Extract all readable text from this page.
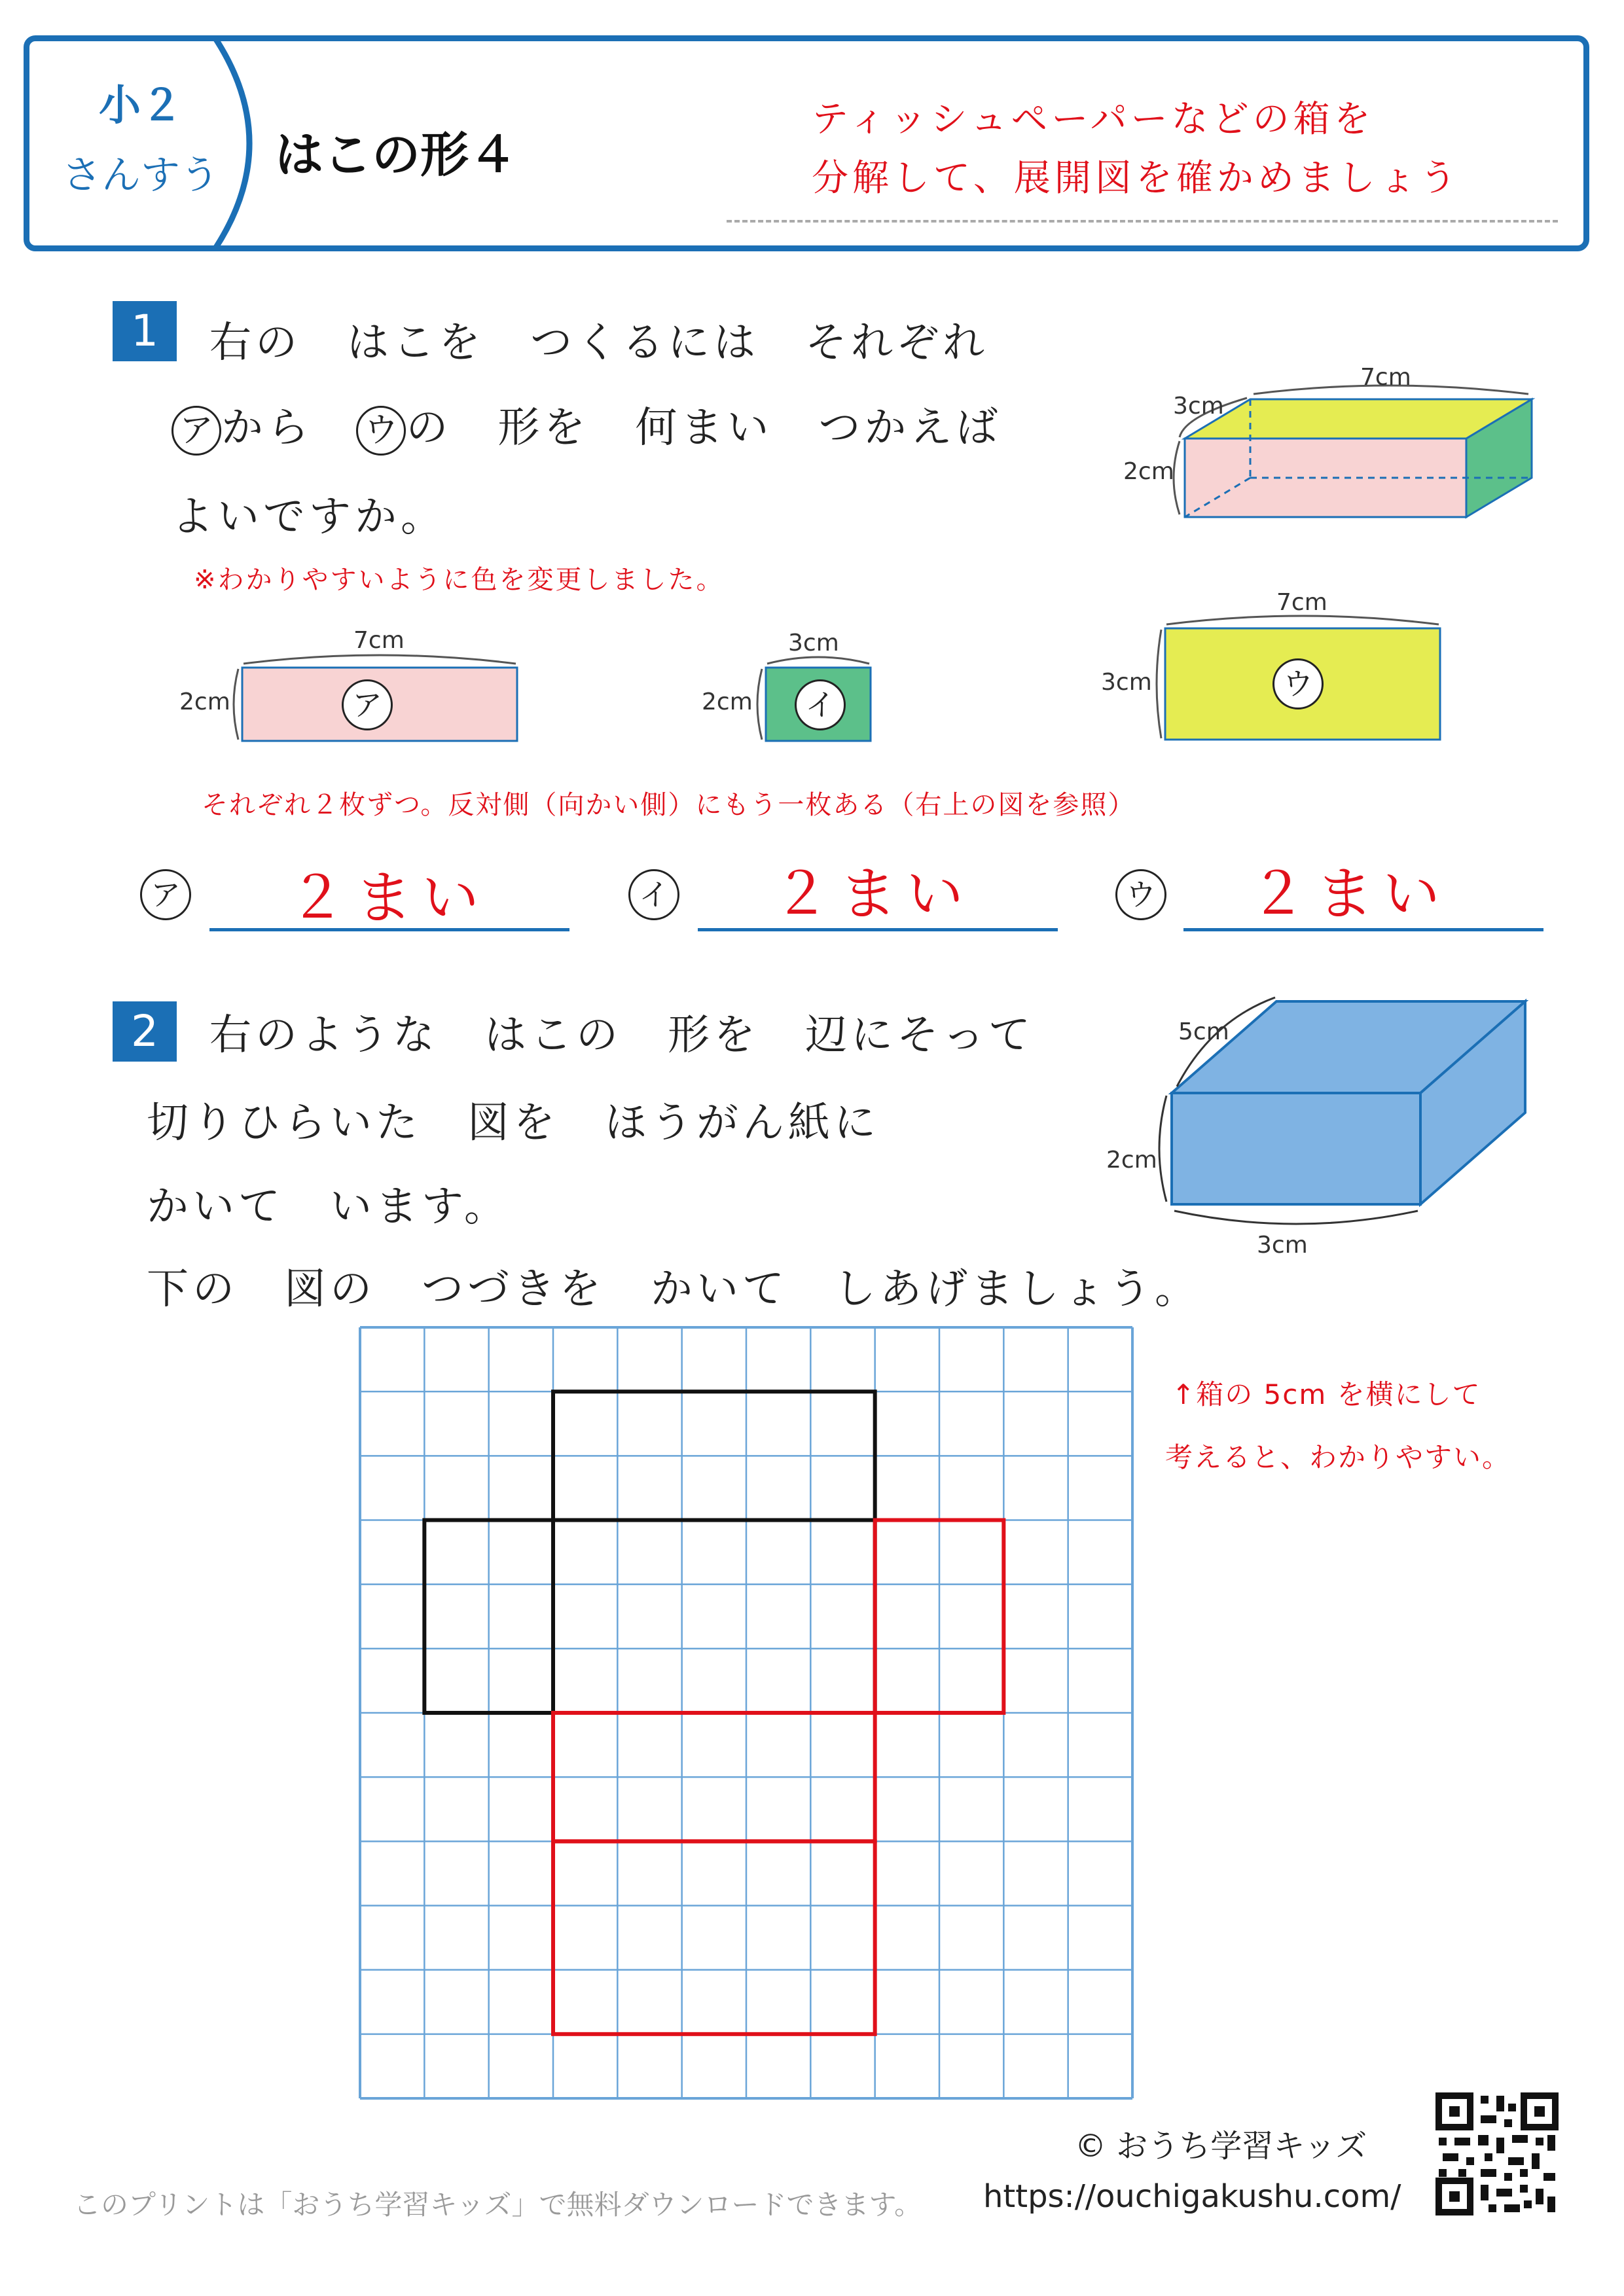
小２
さんすう	はこの形４
ティッシュペーパーなどの箱を
分解して、展開図を確かめましょう
1	右の　はこを　つくるには　それぞれ
ア から ウ の　形を　何まい　つかえば
よいですか。
※わかりやすいように色を変更しました。
7cm
3cm
2cm
7cm
2cm	ア
3cm
2cm	イ
7cm
3cm	ウ
それぞれ２枚ずつ。反対側（向かい側）にもう一枚ある（右上の図を参照）
ア ２まい	イ ２まい	ウ ２まい
2	右のような　はこの　形を　辺にそって
切りひらいた　図を　ほうがん紙に
かいて　います。
下の　図の　つづきを　かいて　しあげましょう。
5cm
2cm
3cm
↑箱の 5cm を横にして
考えると、わかりやすい。
© おうち学習キッズ
https://ouchigakushu.com/
このプリントは「おうち学習キッズ」で無料ダウンロードできます。
